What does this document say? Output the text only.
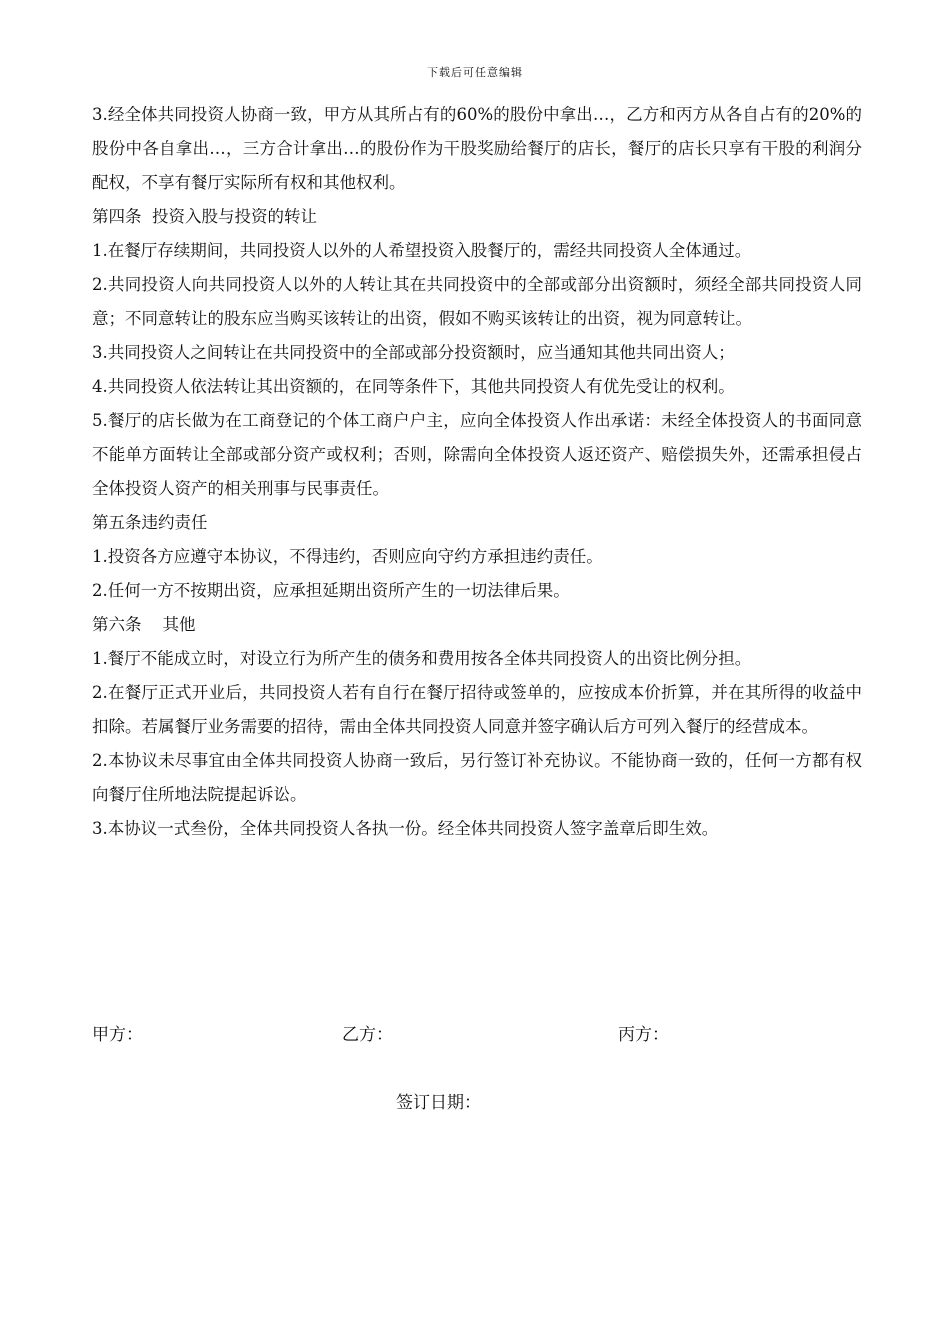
下载后可任意编辑

3.经全体共同投资人协商一致，甲方从其所占有的60%的股份中拿出…，乙方和丙方从各自占有的20%的股份中各自拿出…，三方合计拿出…的股份作为干股奖励给餐厅的店长，餐厅的店长只享有干股的利润分配权，不享有餐厅实际所有权和其他权利。

第四条  投资入股与投资的转让

1.在餐厅存续期间，共同投资人以外的人希望投资入股餐厅的，需经共同投资人全体通过。

2.共同投资人向共同投资人以外的人转让其在共同投资中的全部或部分出资额时，须经全部共同投资人同意；不同意转让的股东应当购买该转让的出资，假如不购买该转让的出资，视为同意转让。

3.共同投资人之间转让在共同投资中的全部或部分投资额时，应当通知其他共同出资人；

4.共同投资人依法转让其出资额的，在同等条件下，其他共同投资人有优先受让的权利。

5.餐厅的店长做为在工商登记的个体工商户户主，应向全体投资人作出承诺：未经全体投资人的书面同意不能单方面转让全部或部分资产或权利；否则，除需向全体投资人返还资产、赔偿损失外，还需承担侵占全体投资人资产的相关刑事与民事责任。

第五条违约责任

1.投资各方应遵守本协议，不得违约，否则应向守约方承担违约责任。

2.任何一方不按期出资，应承担延期出资所产生的一切法律后果。

第六条    其他

1.餐厅不能成立时，对设立行为所产生的债务和费用按各全体共同投资人的出资比例分担。

2.在餐厅正式开业后，共同投资人若有自行在餐厅招待或签单的，应按成本价折算，并在其所得的收益中扣除。若属餐厅业务需要的招待，需由全体共同投资人同意并签字确认后方可列入餐厅的经营成本。

2.本协议未尽事宜由全体共同投资人协商一致后，另行签订补充协议。不能协商一致的，任何一方都有权向餐厅住所地法院提起诉讼。

3.本协议一式叁份，全体共同投资人各执一份。经全体共同投资人签字盖章后即生效。

甲方：	乙方：	丙方：
签订日期：
